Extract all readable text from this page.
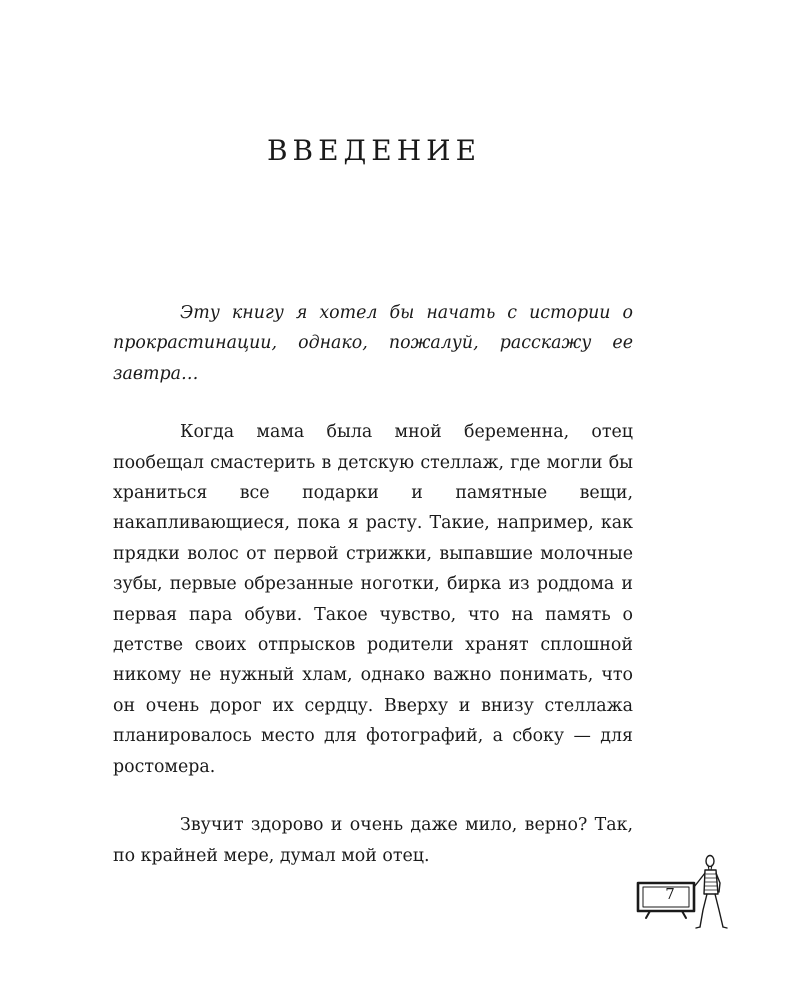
ВВЕДЕНИЕ

Эту книгу я хотел бы начать с истории о прокрастинации, однако, пожалуй, расскажу ее завтра…

Когда мама была мной беременна, отец пообещал смастерить в детскую стеллаж, где могли бы храниться все подарки и памятные вещи, накапливающиеся, пока я расту. Такие, например, как прядки волос от первой стрижки, выпавшие молочные зубы, первые обрезанные ноготки, бирка из роддома и первая пара обуви. Такое чувство, что на память о детстве своих отпрысков родители хранят сплошной никому не нужный хлам, однако важно понимать, что он очень дорог их сердцу. Вверху и внизу стеллажа планировалось место для фотографий, а сбоку — для ростомера.

Звучит здорово и очень даже мило, верно? Так, по крайней мере, думал мой отец.

7
